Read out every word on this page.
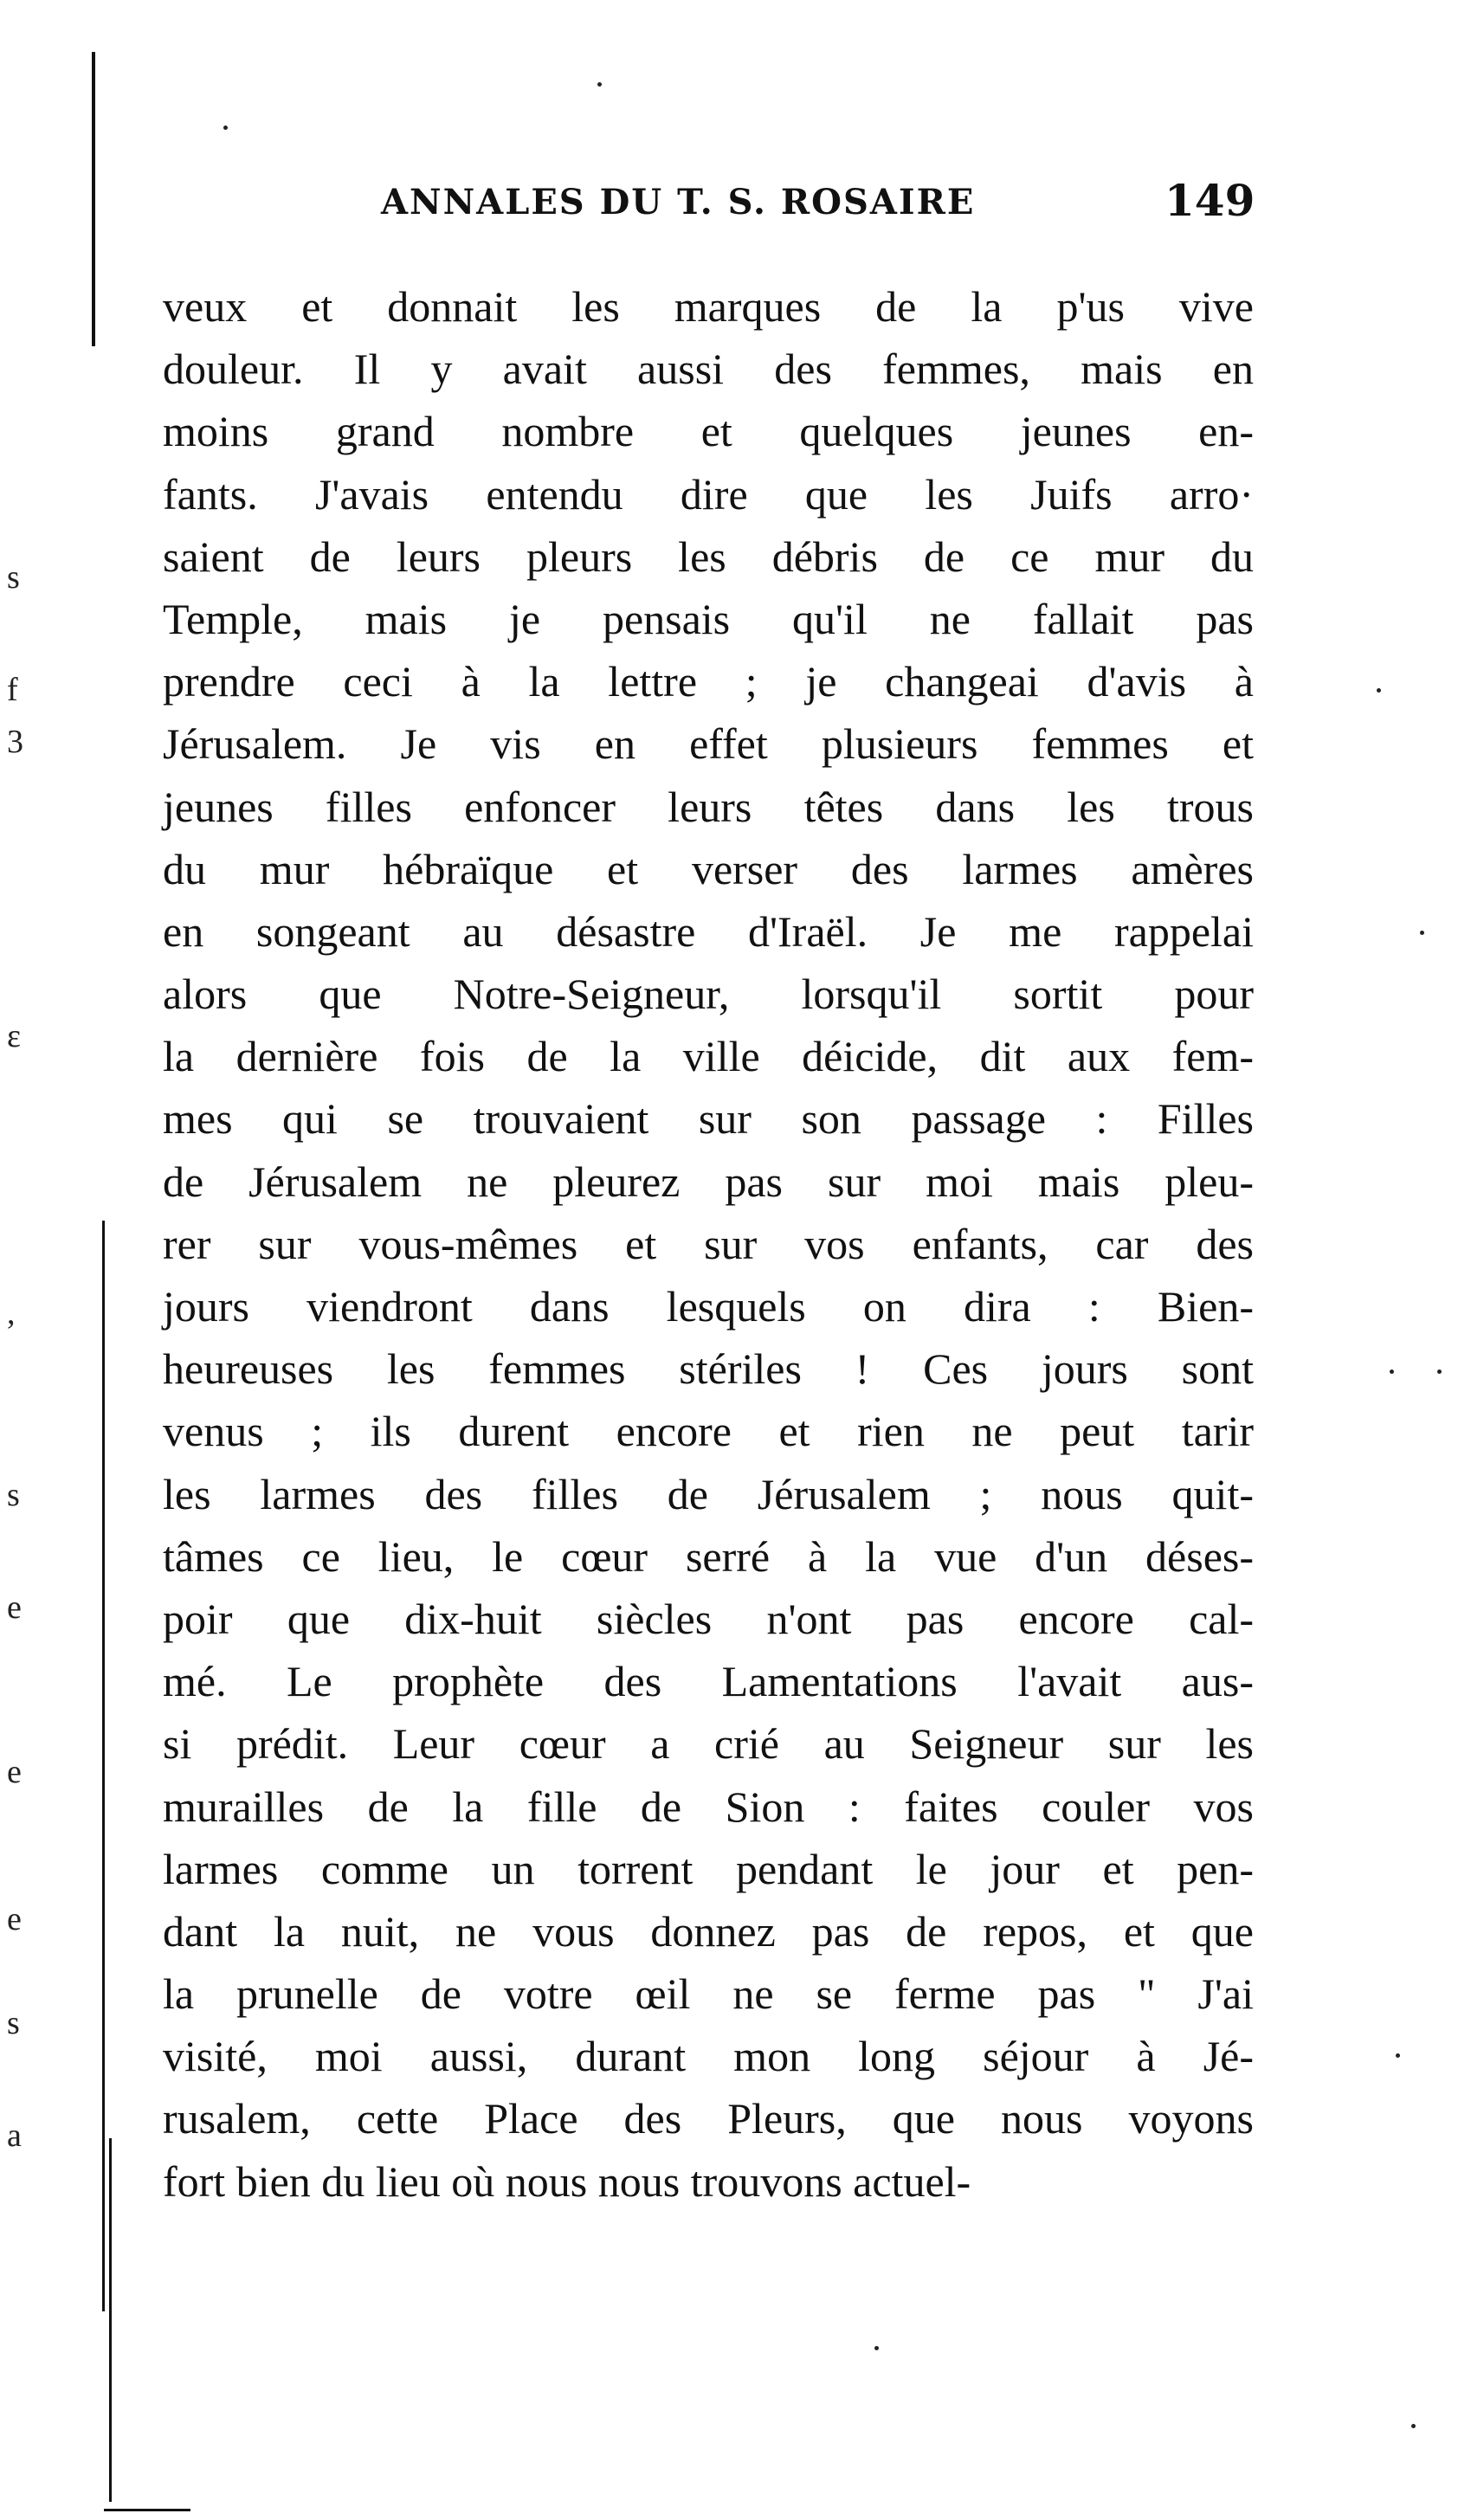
s
f
3
ε
,
s
e
e
e
s
a
ANNALES DU T. S. ROSAIRE	149
veux et donnait les marques de la p'us vive
douleur. Il y avait aussi des femmes, mais en
moins grand nombre et quelques jeunes en-
fants. J'avais entendu dire que les Juifs arro·
saient de leurs pleurs les débris de ce mur du
Temple, mais je pensais qu'il ne fallait pas
prendre ceci à la lettre ; je changeai d'avis à
Jérusalem. Je vis en effet plusieurs femmes et
jeunes filles enfoncer leurs têtes dans les trous
du mur hébraïque et verser des larmes amères
en songeant au désastre d'Iraël. Je me rappelai
alors que Notre-Seigneur, lorsqu'il sortit pour
la dernière fois de la ville déicide, dit aux fem-
mes qui se trouvaient sur son passage : Filles
de Jérusalem ne pleurez pas sur moi mais pleu-
rer sur vous-mêmes et sur vos enfants, car des
jours viendront dans lesquels on dira : Bien-
heureuses les femmes stériles ! Ces jours sont
venus ; ils durent encore et rien ne peut tarir
les larmes des filles de Jérusalem ; nous quit-
tâmes ce lieu, le cœur serré à la vue d'un déses-
poir que dix-huit siècles n'ont pas encore cal-
mé. Le prophète des Lamentations l'avait aus-
si prédit. Leur cœur a crié au Seigneur sur les
murailles de la fille de Sion : faites couler vos
larmes comme un torrent pendant le jour et pen-
dant la nuit, ne vous donnez pas de repos, et que
la prunelle de votre œil ne se ferme pas " J'ai
visité, moi aussi, durant mon long séjour à Jé-
rusalem, cette Place des Pleurs, que nous voyons
fort bien du lieu où nous nous trouvons actuel-
